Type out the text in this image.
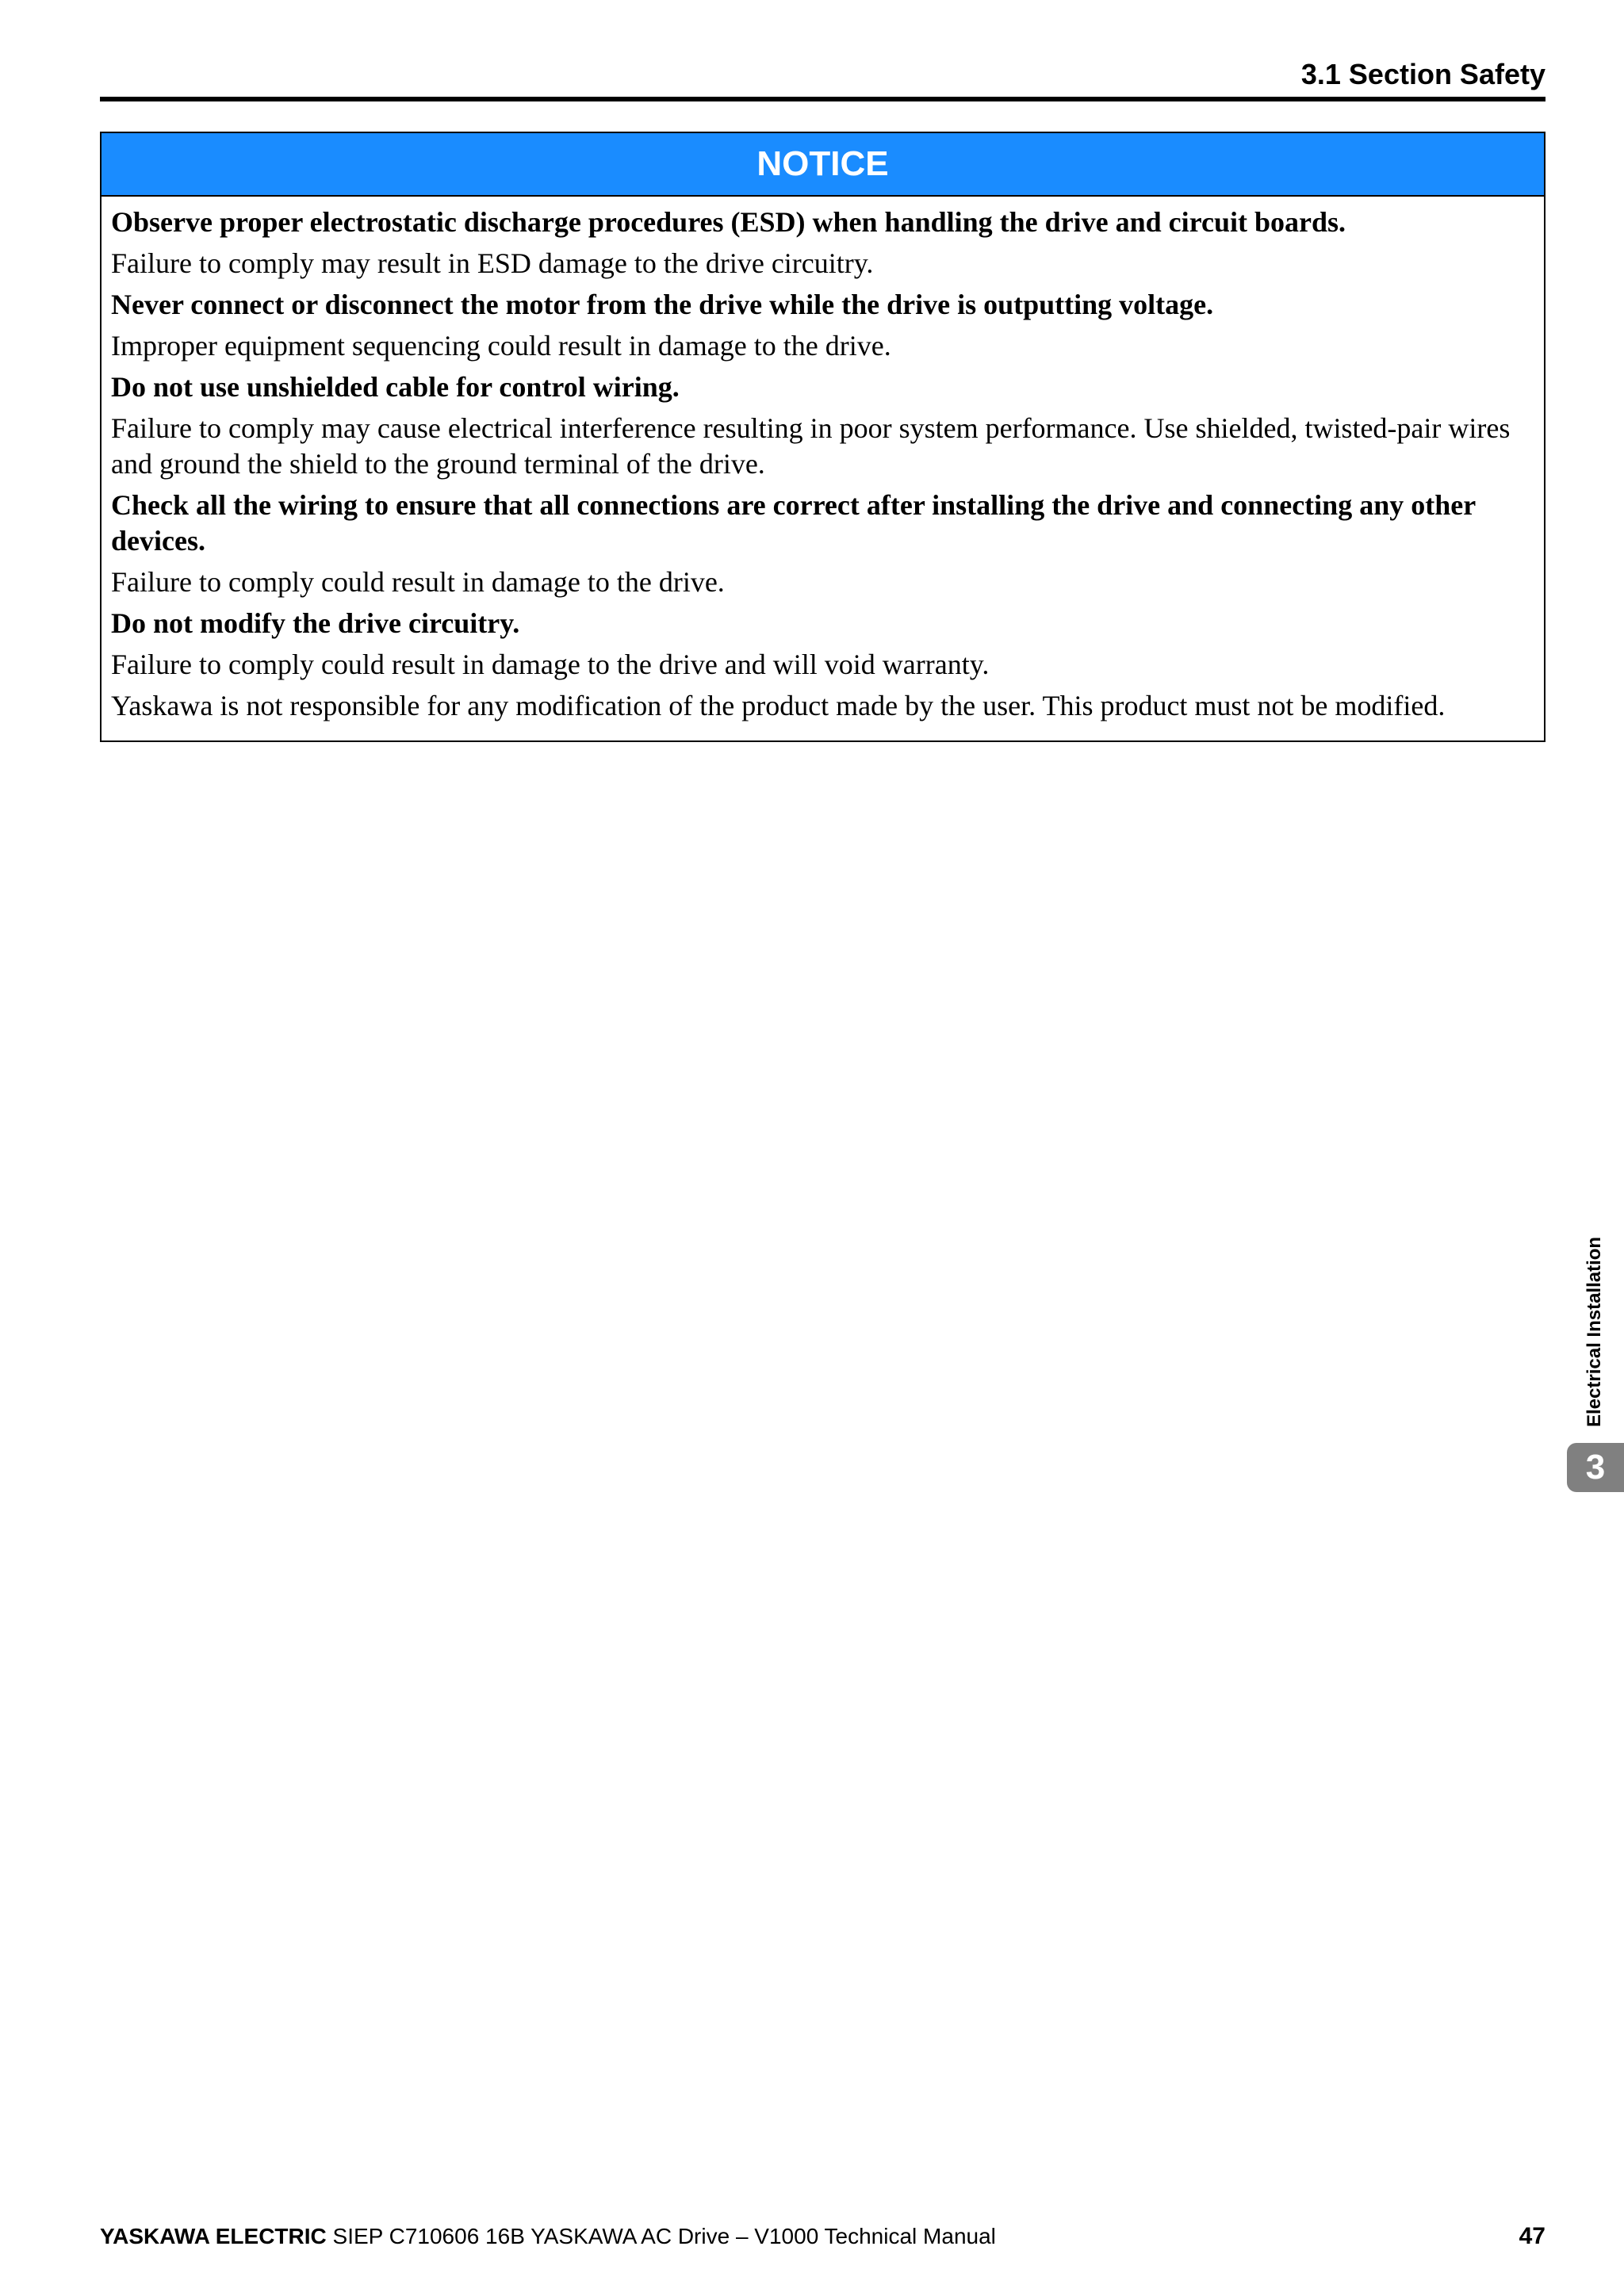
3.1 Section Safety
NOTICE

Observe proper electrostatic discharge procedures (ESD) when handling the drive and circuit boards.

Failure to comply may result in ESD damage to the drive circuitry.

Never connect or disconnect the motor from the drive while the drive is outputting voltage.

Improper equipment sequencing could result in damage to the drive.

Do not use unshielded cable for control wiring.

Failure to comply may cause electrical interference resulting in poor system performance. Use shielded, twisted-pair wires and ground the shield to the ground terminal of the drive.

Check all the wiring to ensure that all connections are correct after installing the drive and connecting any other devices.

Failure to comply could result in damage to the drive.

Do not modify the drive circuitry.

Failure to comply could result in damage to the drive and will void warranty.

Yaskawa is not responsible for any modification of the product made by the user. This product must not be modified.

Electrical Installation
3
YASKAWA ELECTRIC SIEP C710606 16B YASKAWA AC Drive – V1000 Technical Manual	47
